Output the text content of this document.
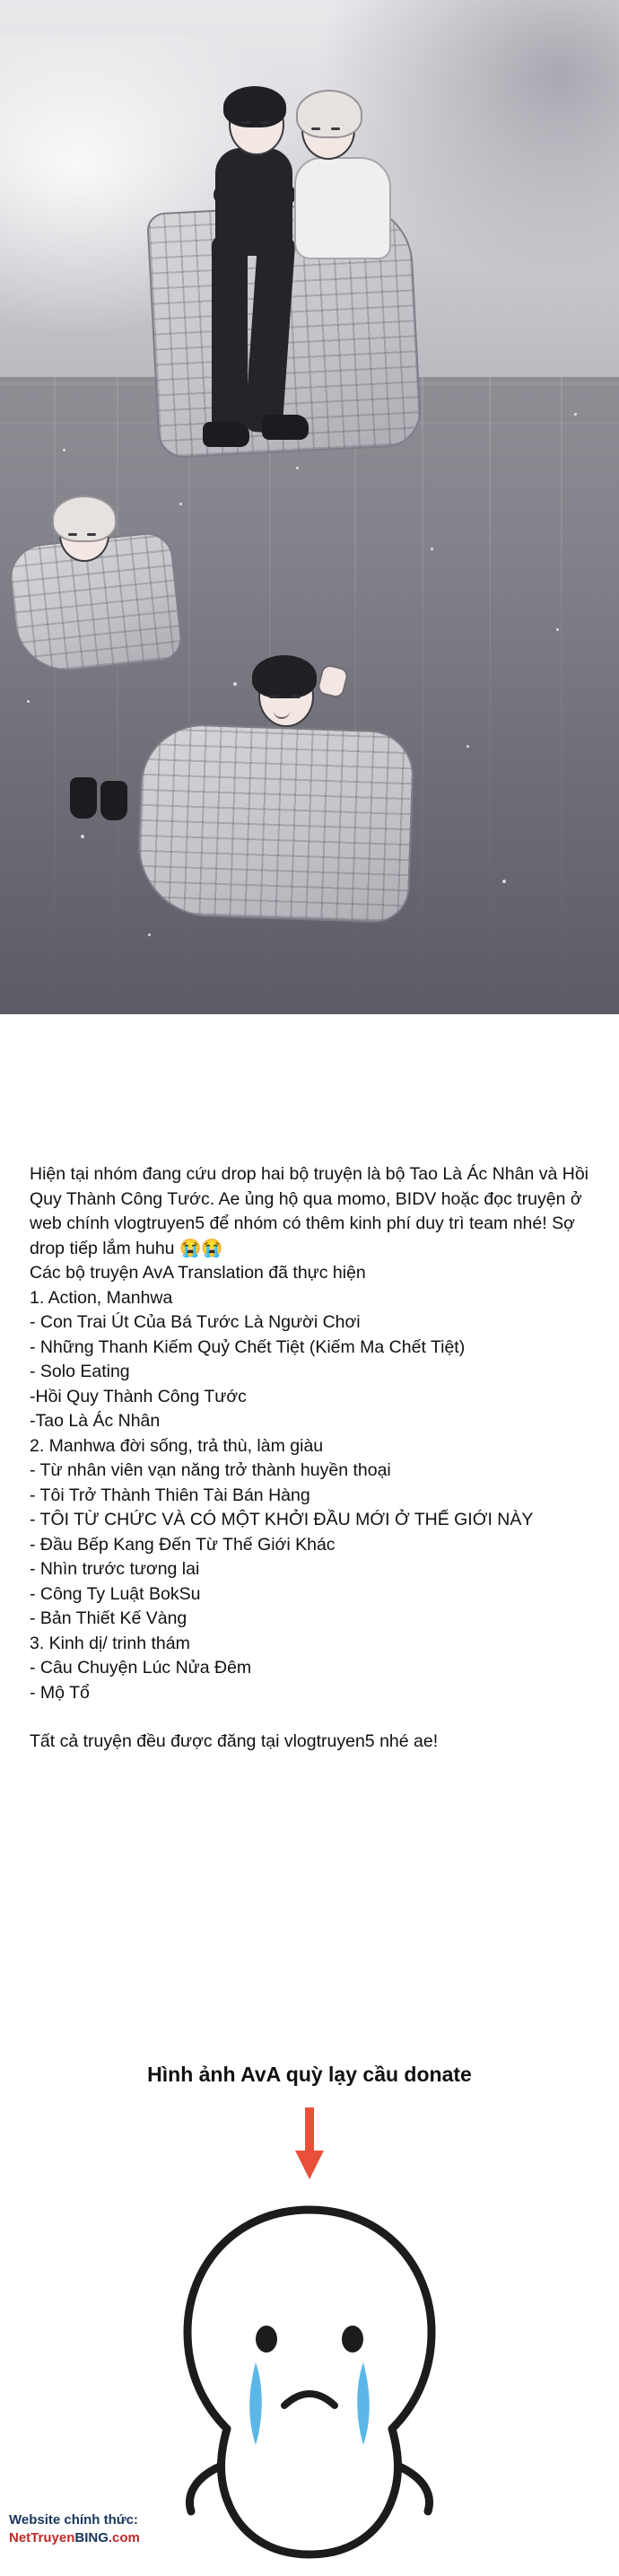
Hiện tại nhóm đang cứu drop hai bộ truyện là bộ Tao Là Ác Nhân và Hồi Quy Thành Công Tước. Ae ủng hộ qua momo, BIDV hoặc đọc truyện ở web chính vlogtruyen5 để nhóm có thêm kinh phí duy trì team nhé! Sợ drop tiếp lắm huhu 😭😭

Các bộ truyện AvA Translation đã thực hiện

1. Action, Manhwa

- Con Trai Út Của Bá Tước Là Người Chơi

- Những Thanh Kiếm Quỷ Chết Tiệt (Kiếm Ma Chết Tiệt)

- Solo Eating

-Hồi Quy Thành Công Tước

-Tao Là Ác Nhân

2. Manhwa đời sống, trả thù, làm giàu

- Từ nhân viên vạn năng trở thành huyền thoại

- Tôi Trở Thành Thiên Tài Bán Hàng

- TÔI TỪ CHỨC VÀ CÓ MỘT KHỞI ĐẦU MỚI Ở THẾ GIỚI NÀY

- Đầu Bếp Kang Đến Từ Thế Giới Khác

- Nhìn trước tương lai

- Công Ty Luật BokSu

- Bản Thiết Kế Vàng

3. Kinh dị/ trinh thám

- Câu Chuyện Lúc Nửa Đêm

- Mộ Tổ

Tất cả truyện đều được đăng tại vlogtruyen5 nhé ae!

Hình ảnh AvA quỳ lạy cầu donate
Website chính thức:
NetTruyenBING.com
